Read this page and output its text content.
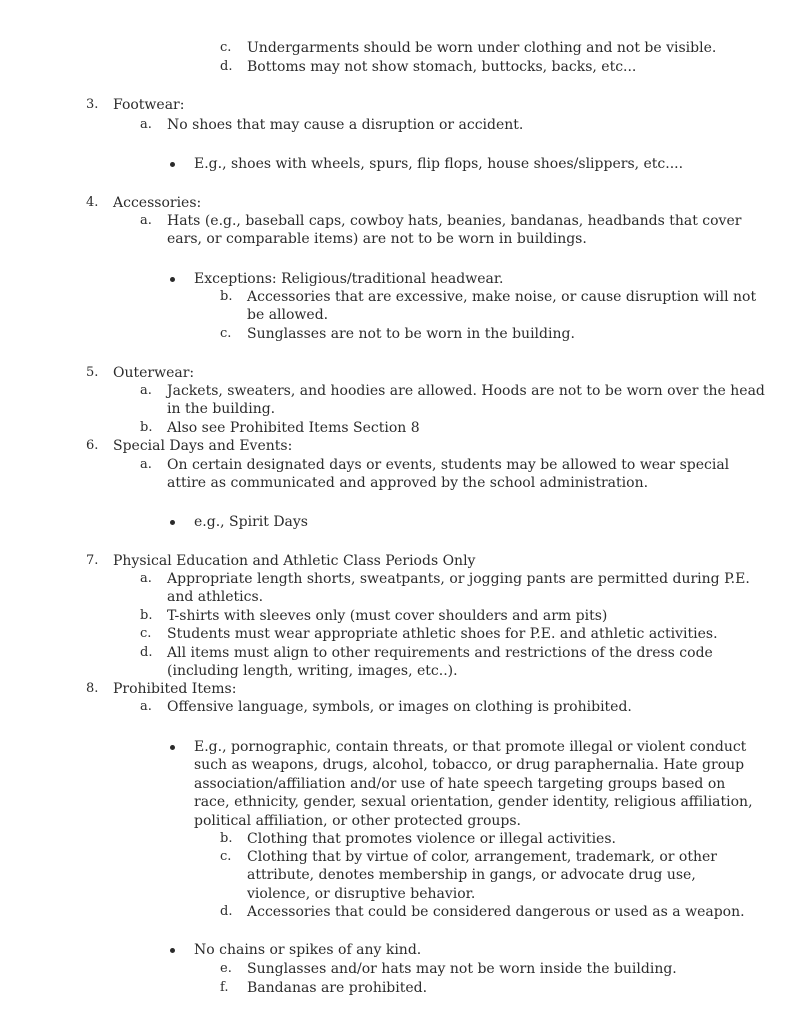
c. Undergarments should be worn under clothing and not be visible.
d. Bottoms may not show stomach, buttocks, backs, etc...
3. Footwear:
a. No shoes that may cause a disruption or accident.
E.g., shoes with wheels, spurs, flip flops, house shoes/slippers, etc....
4. Accessories:
a. Hats (e.g., baseball caps, cowboy hats, beanies, bandanas, headbands that cover
ears, or comparable items) are not to be worn in buildings.
Exceptions: Religious/traditional headwear.
b. Accessories that are excessive, make noise, or cause disruption will not
be allowed.
c. Sunglasses are not to be worn in the building.
5. Outerwear:
a. Jackets, sweaters, and hoodies are allowed. Hoods are not to be worn over the head
in the building.
b. Also see Prohibited Items Section 8
6. Special Days and Events:
a. On certain designated days or events, students may be allowed to wear special
attire as communicated and approved by the school administration.
e.g., Spirit Days
7. Physical Education and Athletic Class Periods Only
a. Appropriate length shorts, sweatpants, or jogging pants are permitted during P.E.
and athletics.
b. T-shirts with sleeves only (must cover shoulders and arm pits)
c. Students must wear appropriate athletic shoes for P.E. and athletic activities.
d. All items must align to other requirements and restrictions of the dress code
(including length, writing, images, etc..).
8. Prohibited Items:
a. Offensive language, symbols, or images on clothing is prohibited.
E.g., pornographic, contain threats, or that promote illegal or violent conduct
such as weapons, drugs, alcohol, tobacco, or drug paraphernalia. Hate group
association/affiliation and/or use of hate speech targeting groups based on
race, ethnicity, gender, sexual orientation, gender identity, religious affiliation,
political affiliation, or other protected groups.
b. Clothing that promotes violence or illegal activities.
c. Clothing that by virtue of color, arrangement, trademark, or other
attribute, denotes membership in gangs, or advocate drug use,
violence, or disruptive behavior.
d. Accessories that could be considered dangerous or used as a weapon.
No chains or spikes of any kind.
e. Sunglasses and/or hats may not be worn inside the building.
f. Bandanas are prohibited.
